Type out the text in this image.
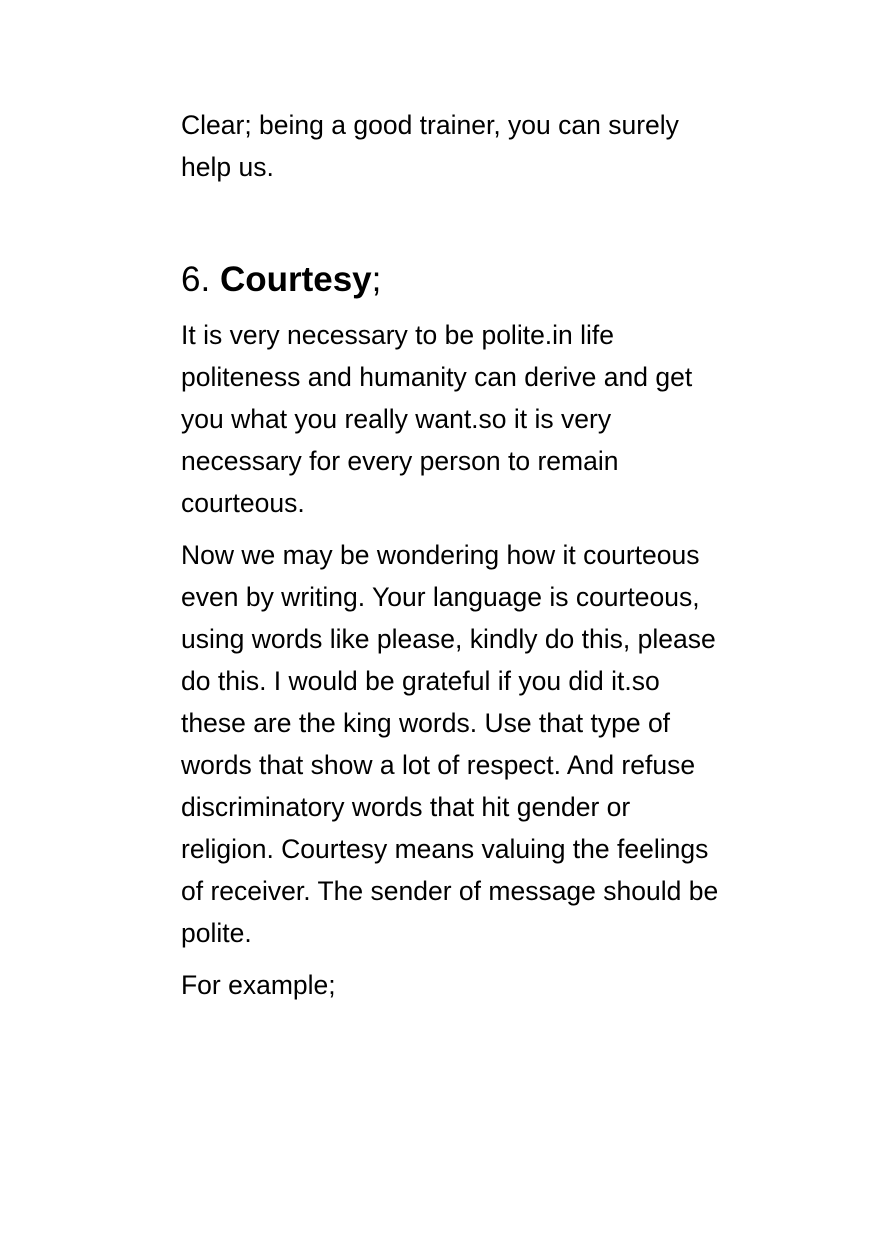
Clear; being a good trainer, you can surely
help us.

6. Courtesy;

It is very necessary to be polite.in life
politeness and humanity can derive and get
you what you really want.so it is very
necessary for every person to remain
courteous.

Now we may be wondering how it courteous
even by writing. Your language is courteous,
using words like please, kindly do this, please
do this. I would be grateful if you did it.so
these are the king words. Use that type of
words that show a lot of respect. And refuse
discriminatory words that hit gender or
religion. Courtesy means valuing the feelings
of receiver. The sender of message should be
polite.

For example;
